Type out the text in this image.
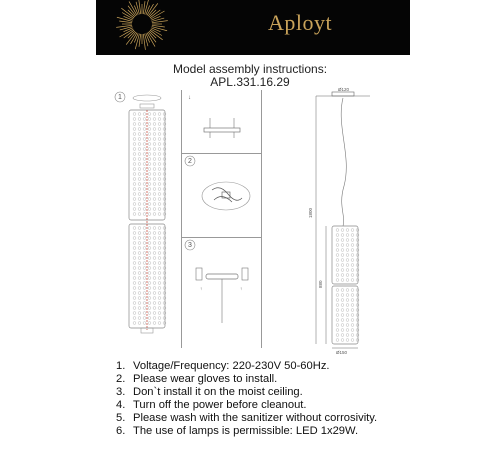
Aployt
Model assembly instructions:
APL.331.16.29
1	↓
2
3
↑	↑
Ø120
Ø150
1800
880
1. Voltage/Frequency: 220-230V 50-60Hz.
2. Please wear gloves to install.
3. Don`t install it on the moist ceiling.
4. Turn off the power before cleanout.
5. Please wash with the sanitizer without corrosivity.
6. The use of lamps is permissible: LED 1x29W.
